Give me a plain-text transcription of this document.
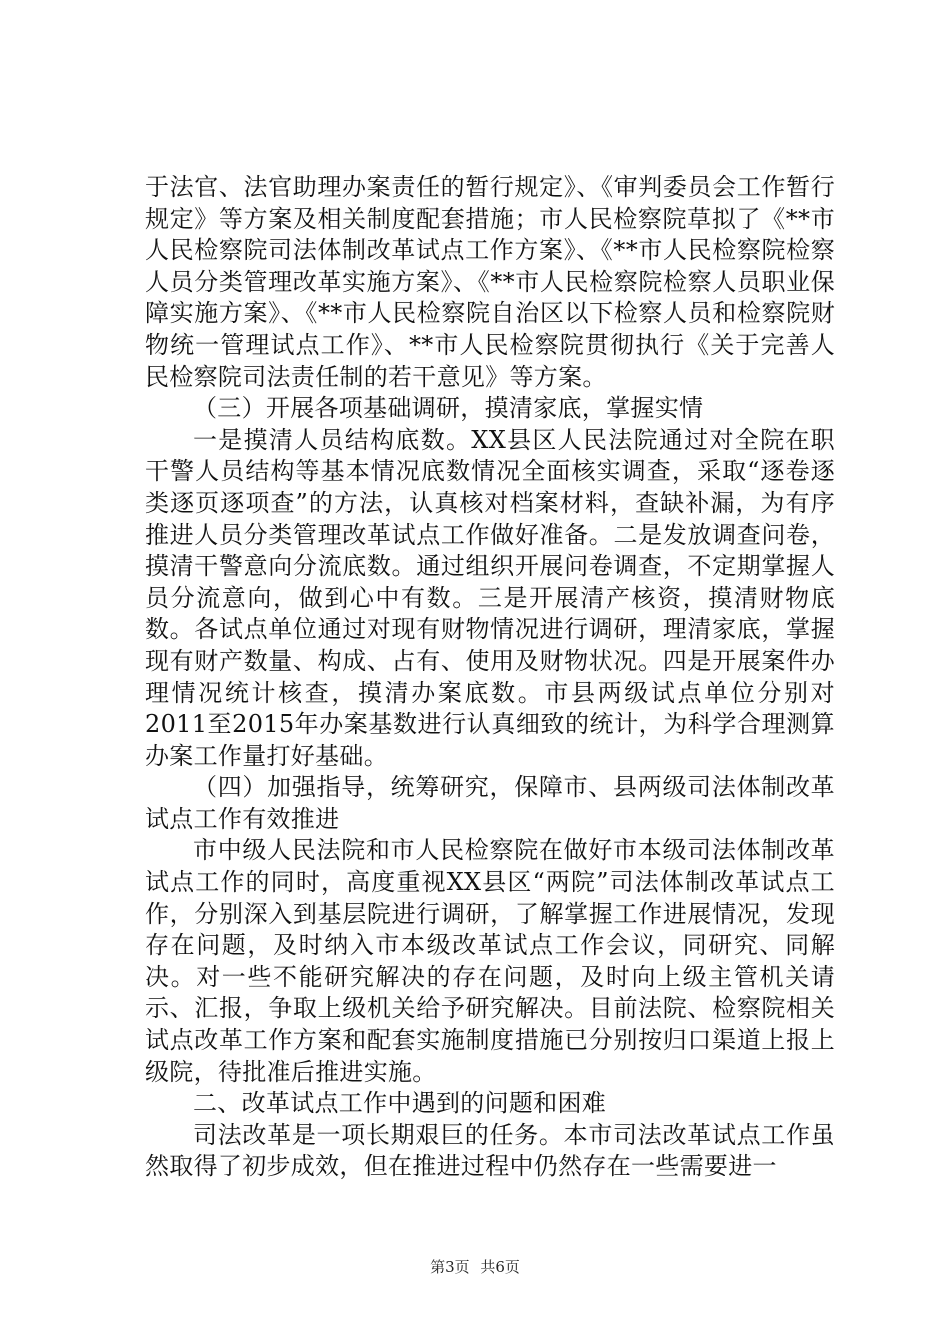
于法官、法官助理办案责任的暂行规定》、《审判委员会工作暂行规定》等方案及相关制度配套措施；市人民检察院草拟了《**市人民检察院司法体制改革试点工作方案》、《**市人民检察院检察人员分类管理改革实施方案》、《**市人民检察院检察人员职业保障实施方案》、《**市人民检察院自治区以下检察人员和检察院财物统一管理试点工作》、**市人民检察院贯彻执行《关于完善人民检察院司法责任制的若干意见》等方案。

（三）开展各项基础调研，摸清家底，掌握实情

一是摸清人员结构底数。XX县区人民法院通过对全院在职干警人员结构等基本情况底数情况全面核实调查，采取“逐卷逐类逐页逐项查”的方法，认真核对档案材料，查缺补漏，为有序推进人员分类管理改革试点工作做好准备。二是发放调查问卷，摸清干警意向分流底数。通过组织开展问卷调查，不定期掌握人员分流意向，做到心中有数。三是开展清产核资，摸清财物底数。各试点单位通过对现有财物情况进行调研，理清家底，掌握现有财产数量、构成、占有、使用及财物状况。四是开展案件办理情况统计核查，摸清办案底数。市县两级试点单位分别对2011至2015年办案基数进行认真细致的统计，为科学合理测算办案工作量打好基础。

（四）加强指导，统筹研究，保障市、县两级司法体制改革试点工作有效推进

市中级人民法院和市人民检察院在做好市本级司法体制改革试点工作的同时，高度重视XX县区“两院”司法体制改革试点工作，分别深入到基层院进行调研，了解掌握工作进展情况，发现存在问题，及时纳入市本级改革试点工作会议，同研究、同解决。对一些不能研究解决的存在问题，及时向上级主管机关请示、汇报，争取上级机关给予研究解决。目前法院、检察院相关试点改革工作方案和配套实施制度措施已分别按归口渠道上报上级院，待批准后推进实施。

二、改革试点工作中遇到的问题和困难

司法改革是一项长期艰巨的任务。本市司法改革试点工作虽然取得了初步成效，但在推进过程中仍然存在一些需要进一

第3页 共6页
